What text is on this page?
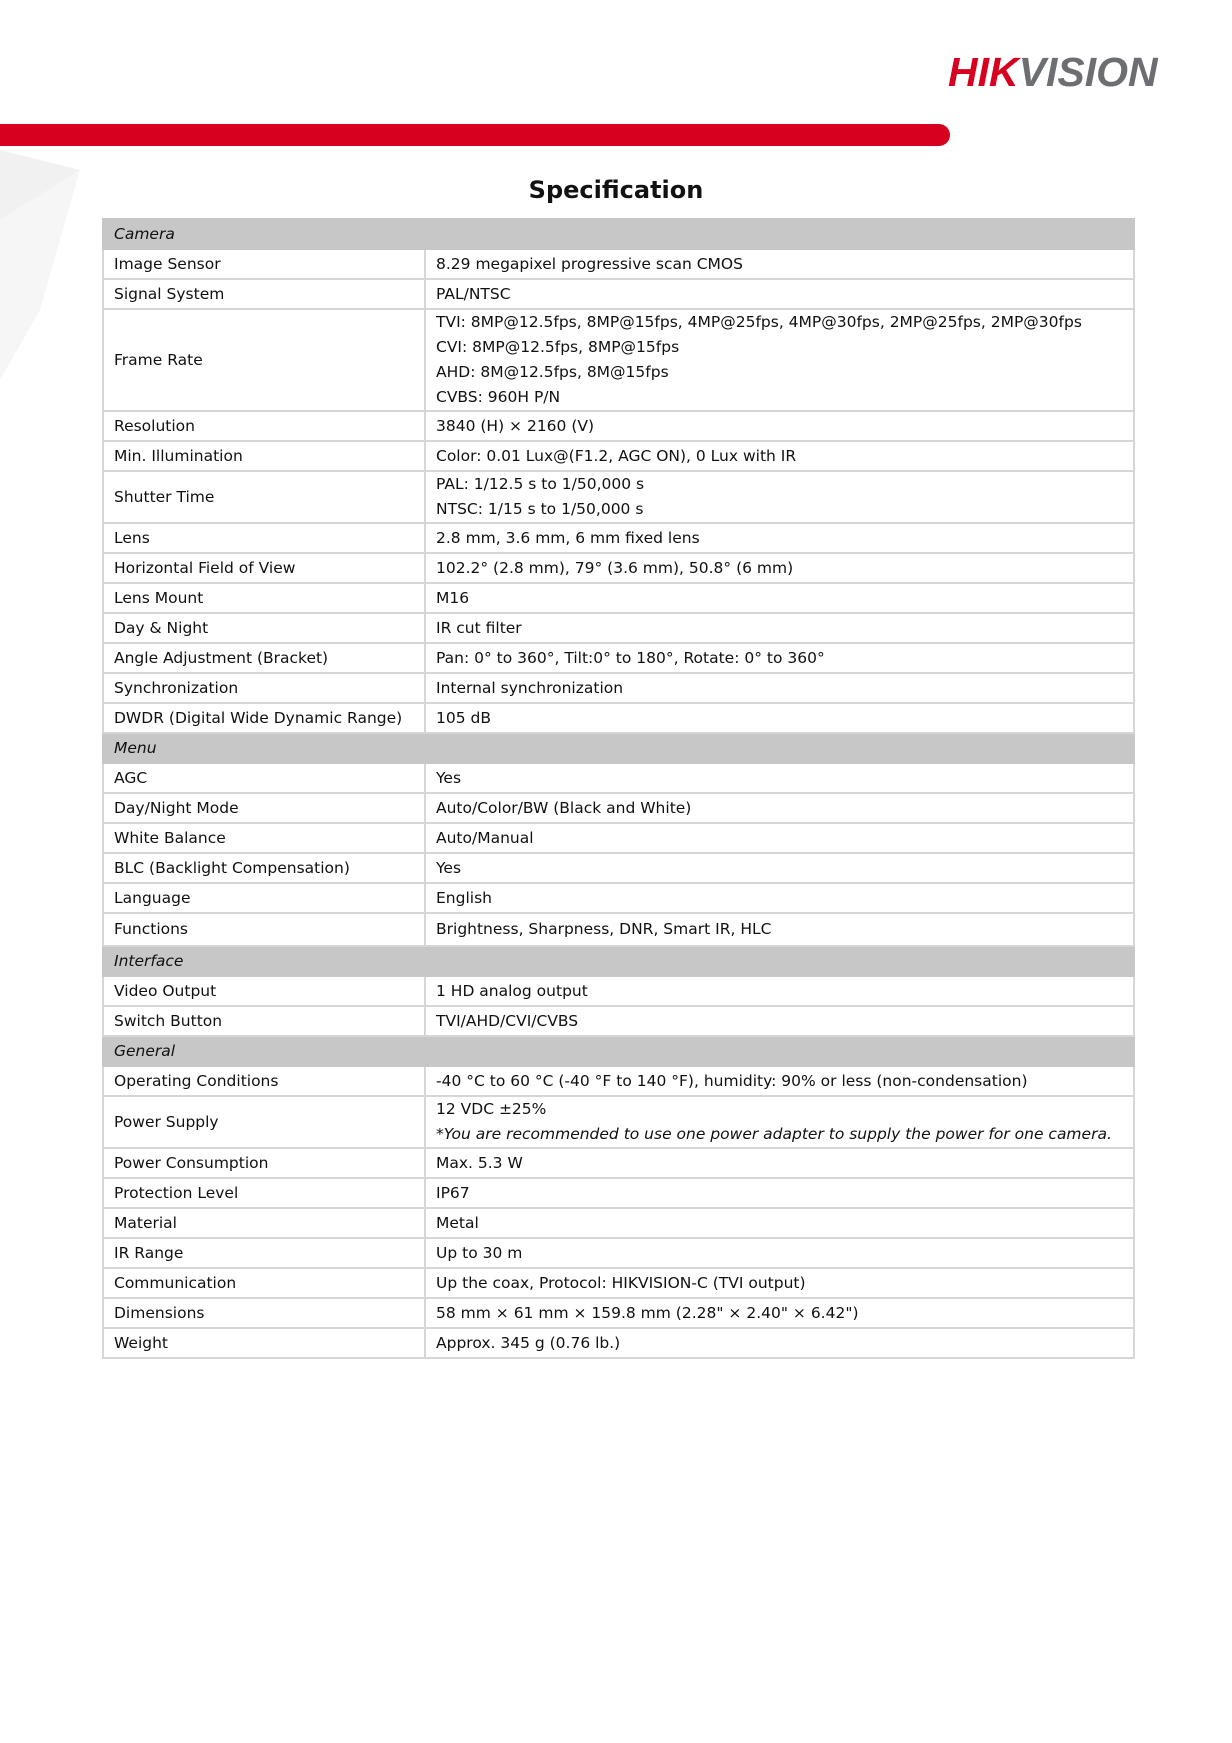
HIKVISION
Specification
Camera	
Image Sensor	8.29 megapixel progressive scan CMOS
Signal System	PAL/NTSC
Frame Rate	TVI: 8MP@12.5fps, 8MP@15fps, 4MP@25fps, 4MP@30fps, 2MP@25fps, 2MP@30fps
CVI: 8MP@12.5fps, 8MP@15fps
AHD: 8M@12.5fps, 8M@15fps
CVBS: 960H P/N

Resolution	3840 (H) × 2160 (V)
Min. Illumination	Color: 0.01 Lux@(F1.2, AGC ON), 0 Lux with IR
Shutter Time	PAL: 1/12.5 s to 1/50,000 s
NTSC: 1/15 s to 1/50,000 s

Lens	2.8 mm, 3.6 mm, 6 mm fixed lens
Horizontal Field of View	102.2° (2.8 mm), 79° (3.6 mm), 50.8° (6 mm)
Lens Mount	M16
Day & Night	IR cut filter
Angle Adjustment (Bracket)	Pan: 0° to 360°, Tilt:0° to 180°, Rotate: 0° to 360°
Synchronization	Internal synchronization
DWDR (Digital Wide Dynamic Range)	105 dB
Menu	
AGC	Yes
Day/Night Mode	Auto/Color/BW (Black and White)
White Balance	Auto/Manual
BLC (Backlight Compensation)	Yes
Language	English
Functions	Brightness, Sharpness, DNR, Smart IR, HLC
Interface	
Video Output	1 HD analog output
Switch Button	TVI/AHD/CVI/CVBS
General	
Operating Conditions	-40 °C to 60 °C (-40 °F to 140 °F), humidity: 90% or less (non-condensation)
Power Supply	12 VDC ±25%
*You are recommended to use one power adapter to supply the power for one camera.

Power Consumption	Max. 5.3 W
Protection Level	IP67
Material	Metal
IR Range	Up to 30 m
Communication	Up the coax, Protocol: HIKVISION-C (TVI output)
Dimensions	58 mm × 61 mm × 159.8 mm (2.28" × 2.40" × 6.42")
Weight	Approx. 345 g (0.76 lb.)
